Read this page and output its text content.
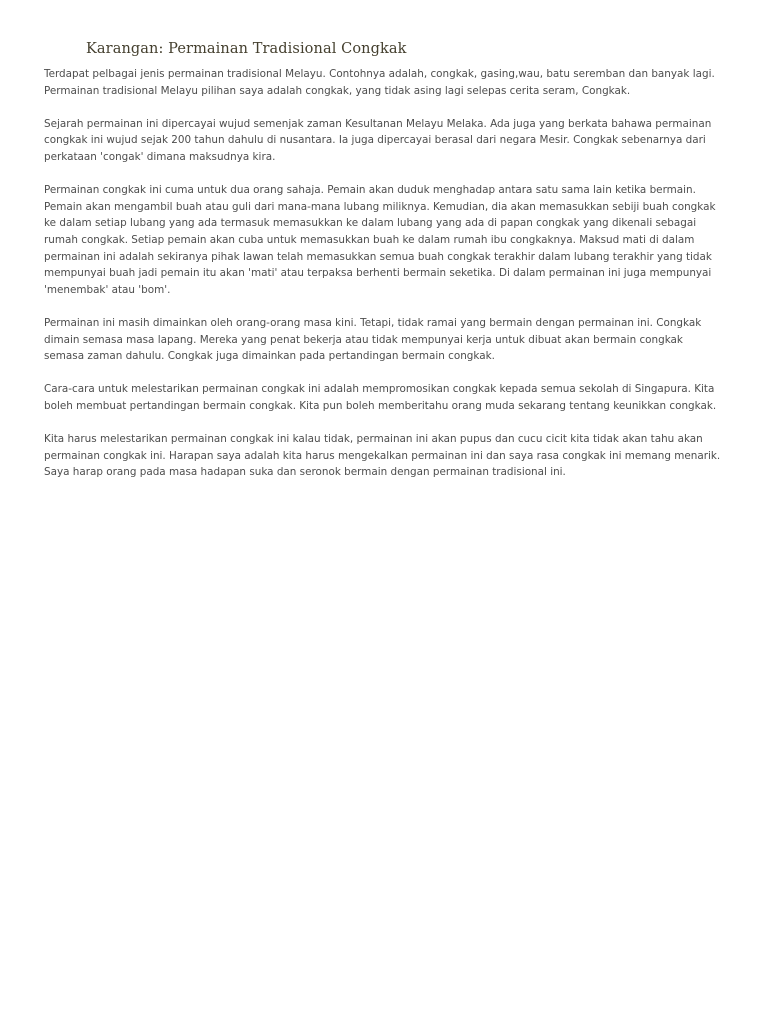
Karangan: Permainan Tradisional Congkak

Terdapat pelbagai jenis permainan tradisional Melayu. Contohnya adalah, congkak, gasing,wau, batu seremban dan banyak lagi.
Permainan tradisional Melayu pilihan saya adalah congkak, yang tidak asing lagi selepas cerita seram, Congkak.

Sejarah permainan ini dipercayai wujud semenjak zaman Kesultanan Melayu Melaka. Ada juga yang berkata bahawa permainan
congkak ini wujud sejak 200 tahun dahulu di nusantara. Ia juga dipercayai berasal dari negara Mesir. Congkak sebenarnya dari
perkataan 'congak' dimana maksudnya kira.

Permainan congkak ini cuma untuk dua orang sahaja. Pemain akan duduk menghadap antara satu sama lain ketika bermain.
Pemain akan mengambil buah atau guli dari mana-mana lubang miliknya. Kemudian, dia akan memasukkan sebiji buah congkak
ke dalam setiap lubang yang ada termasuk memasukkan ke dalam lubang yang ada di papan congkak yang dikenali sebagai
rumah congkak. Setiap pemain akan cuba untuk memasukkan buah ke dalam rumah ibu congkaknya. Maksud mati di dalam
permainan ini adalah sekiranya pihak lawan telah memasukkan semua buah congkak terakhir dalam lubang terakhir yang tidak
mempunyai buah jadi pemain itu akan 'mati' atau terpaksa berhenti bermain seketika. Di dalam permainan ini juga mempunyai
'menembak' atau 'bom'.

Permainan ini masih dimainkan oleh orang-orang masa kini. Tetapi, tidak ramai yang bermain dengan permainan ini. Congkak
dimain semasa masa lapang. Mereka yang penat bekerja atau tidak mempunyai kerja untuk dibuat akan bermain congkak
semasa zaman dahulu. Congkak juga dimainkan pada pertandingan bermain congkak.

Cara-cara untuk melestarikan permainan congkak ini adalah mempromosikan congkak kepada semua sekolah di Singapura. Kita
boleh membuat pertandingan bermain congkak. Kita pun boleh memberitahu orang muda sekarang tentang keunikkan congkak.

Kita harus melestarikan permainan congkak ini kalau tidak, permainan ini akan pupus dan cucu cicit kita tidak akan tahu akan
permainan congkak ini. Harapan saya adalah kita harus mengekalkan permainan ini dan saya rasa congkak ini memang menarik.
Saya harap orang pada masa hadapan suka dan seronok bermain dengan permainan tradisional ini.
